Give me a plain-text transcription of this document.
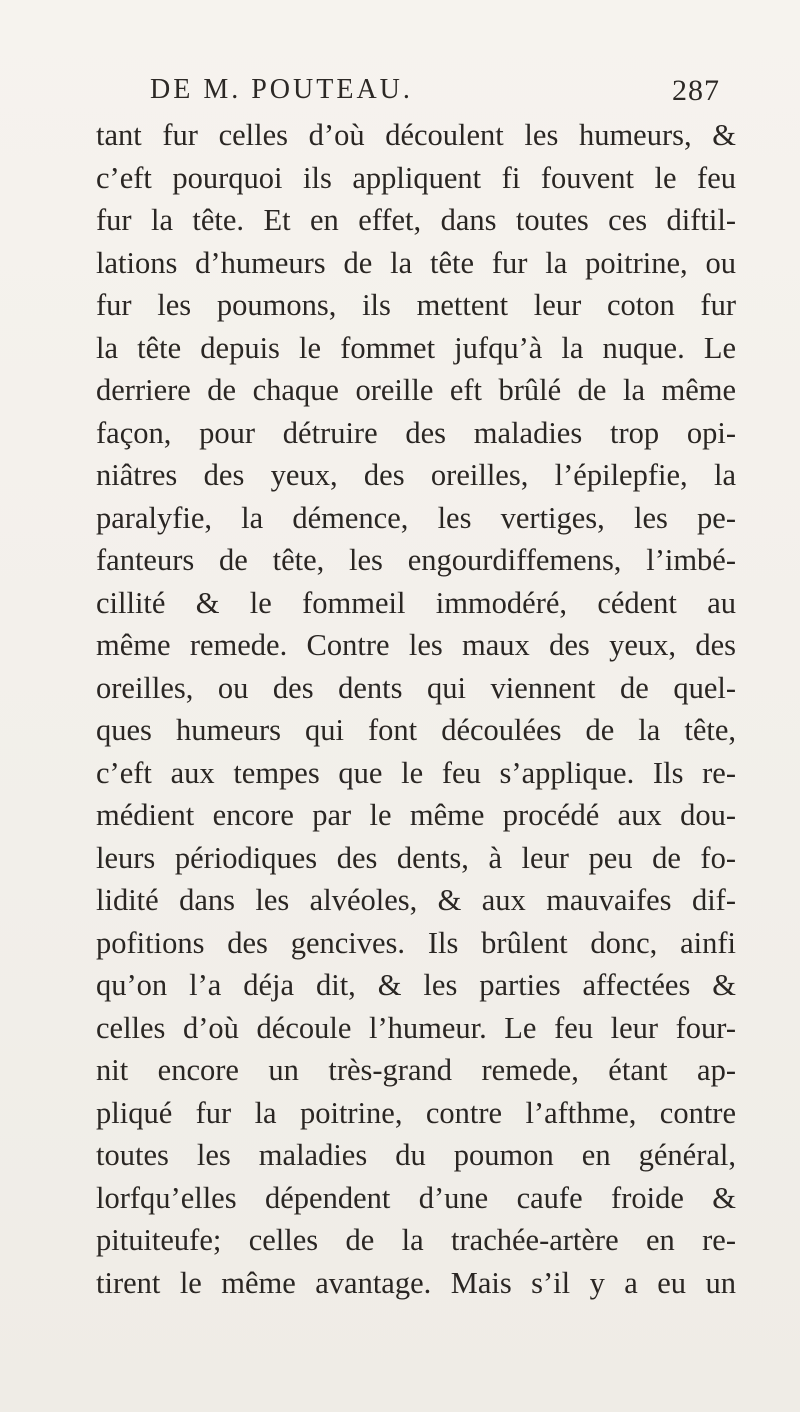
DE M. POUTEAU.	287
tant fur celles d’où découlent les humeurs, &
c’eft pourquoi ils appliquent fi fouvent le feu
fur la tête. Et en effet, dans toutes ces diftil-
lations d’humeurs de la tête fur la poitrine, ou
fur les poumons, ils mettent leur coton fur
la tête depuis le fommet jufqu’à la nuque. Le
derriere de chaque oreille eft brûlé de la même
façon, pour détruire des maladies trop opi-
niâtres des yeux, des oreilles, l’épilepfie, la
paralyfie, la démence, les vertiges, les pe-
fanteurs de tête, les engourdiffemens, l’imbé-
cillité & le fommeil immodéré, cédent au
même remede. Contre les maux des yeux, des
oreilles, ou des dents qui viennent de quel-
ques humeurs qui font découlées de la tête,
c’eft aux tempes que le feu s’applique. Ils re-
médient encore par le même procédé aux dou-
leurs périodiques des dents, à leur peu de fo-
lidité dans les alvéoles, & aux mauvaifes dif-
pofitions des gencives. Ils brûlent donc, ainfi
qu’on l’a déja dit, & les parties affectées &
celles d’où découle l’humeur. Le feu leur four-
nit encore un très-grand remede, étant ap-
pliqué fur la poitrine, contre l’afthme, contre
toutes les maladies du poumon en général,
lorfqu’elles dépendent d’une caufe froide &
pituiteufe; celles de la trachée-artère en re-
tirent le même avantage. Mais s’il y a eu un
